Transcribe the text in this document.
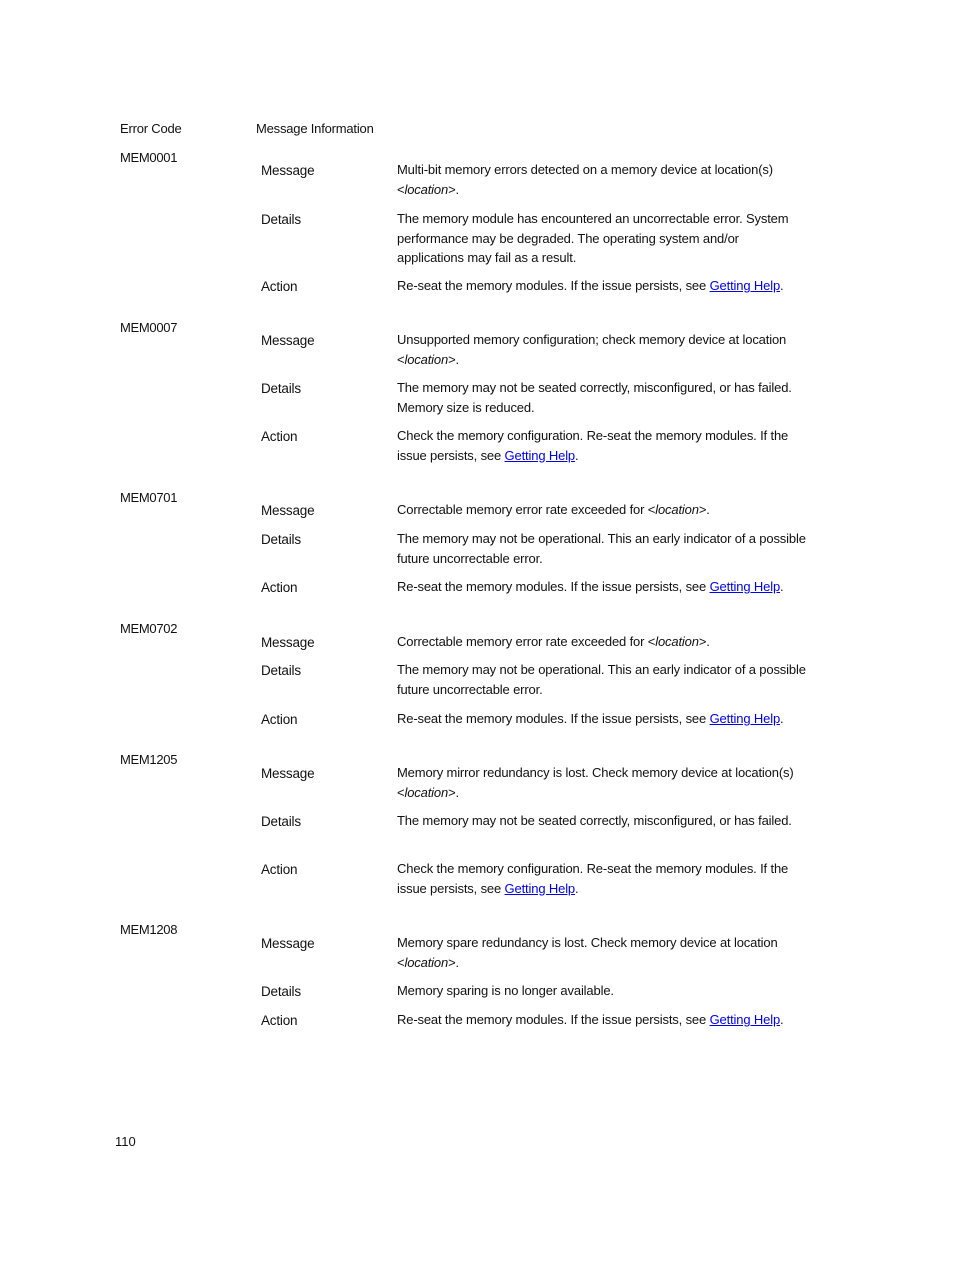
Error Code	Message Information
MEM0001
Message	Multi-bit memory errors detected on a memory device at location(s) <location>.
Details	The memory module has encountered an uncorrectable error. System performance may be degraded. The operating system and/or applications may fail as a result.
Action	Re-seat the memory modules. If the issue persists, see Getting Help.
MEM0007
Message	Unsupported memory configuration; check memory device at location <location>.
Details	The memory may not be seated correctly, misconfigured, or has failed. Memory size is reduced.
Action	Check the memory configuration. Re-seat the memory modules. If the issue persists, see Getting Help.
MEM0701
Message	Correctable memory error rate exceeded for <location>.
Details	The memory may not be operational. This an early indicator of a possible future uncorrectable error.
Action	Re-seat the memory modules. If the issue persists, see Getting Help.
MEM0702
Message	Correctable memory error rate exceeded for <location>.
Details	The memory may not be operational. This an early indicator of a possible future uncorrectable error.
Action	Re-seat the memory modules. If the issue persists, see Getting Help.
MEM1205
Message	Memory mirror redundancy is lost. Check memory device at location(s) <location>.
Details	The memory may not be seated correctly, misconfigured, or has failed.
Action	Check the memory configuration. Re-seat the memory modules. If the issue persists, see Getting Help.
MEM1208
Message	Memory spare redundancy is lost. Check memory device at location <location>.
Details	Memory sparing is no longer available.
Action	Re-seat the memory modules. If the issue persists, see Getting Help.
110
